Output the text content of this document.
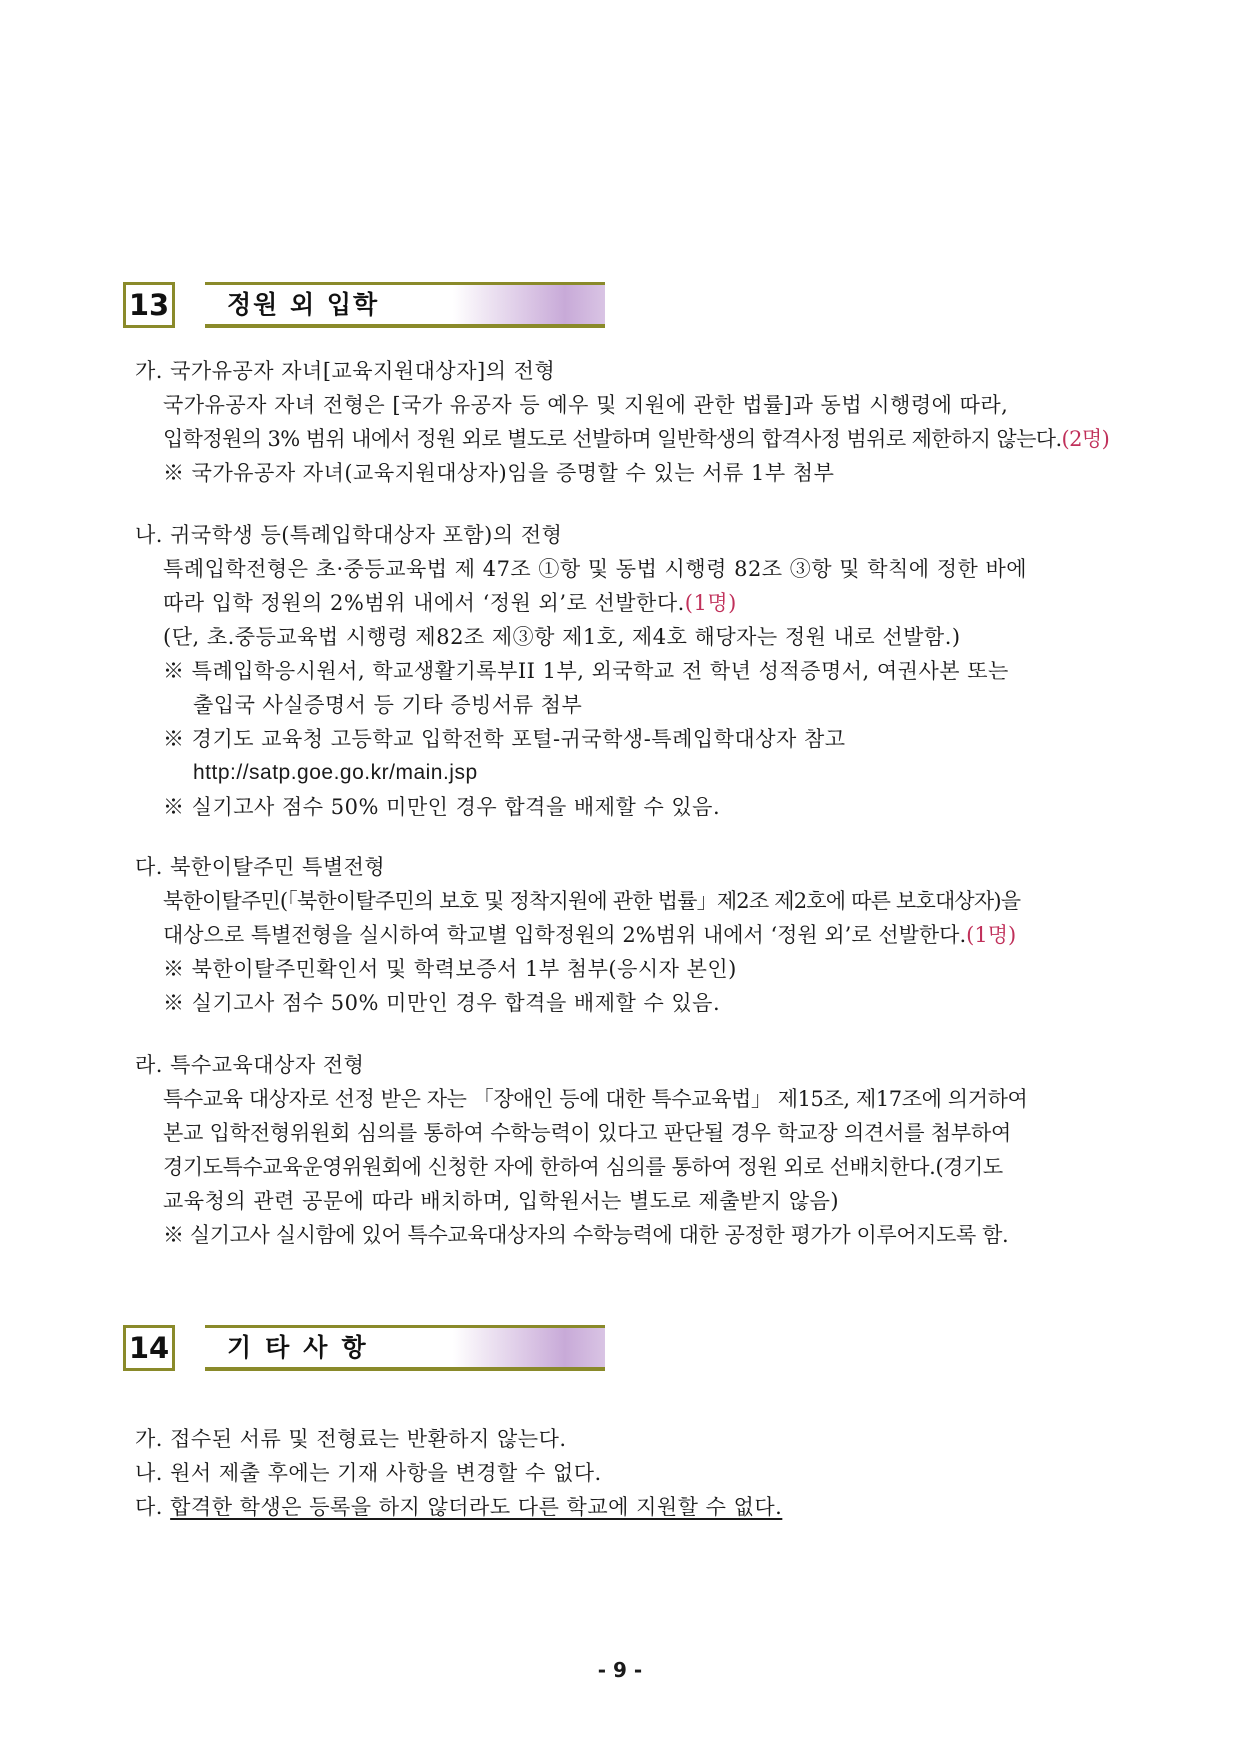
13 정원 외 입학
가. 국가유공자 자녀[교육지원대상자]의 전형
국가유공자 자녀 전형은 [국가 유공자 등 예우 및 지원에 관한 법률]과 동법 시행령에 따라,
입학정원의 3% 범위 내에서 정원 외로 별도로 선발하며 일반학생의 합격사정 범위로 제한하지 않는다.(2명)
※ 국가유공자 자녀(교육지원대상자)임을 증명할 수 있는 서류 1부 첨부
나. 귀국학생 등(특례입학대상자 포함)의 전형
특례입학전형은 초·중등교육법 제 47조 ①항 및 동법 시행령 82조 ③항 및 학칙에 정한 바에
따라 입학 정원의 2%범위 내에서 ‘정원 외’로 선발한다.(1명)
(단, 초.중등교육법 시행령 제82조 제③항 제1호, 제4호 해당자는 정원 내로 선발함.)
※ 특례입학응시원서, 학교생활기록부II 1부, 외국학교 전 학년 성적증명서, 여권사본 또는
출입국 사실증명서 등 기타 증빙서류 첨부
※ 경기도 교육청 고등학교 입학전학 포털-귀국학생-특례입학대상자 참고
http://satp.goe.go.kr/main.jsp
※ 실기고사 점수 50% 미만인 경우 합격을 배제할 수 있음.
다. 북한이탈주민 특별전형
북한이탈주민(「북한이탈주민의 보호 및 정착지원에 관한 법률」제2조 제2호에 따른 보호대상자)을
대상으로 특별전형을 실시하여 학교별 입학정원의 2%범위 내에서 ‘정원 외’로 선발한다.(1명)
※ 북한이탈주민확인서 및 학력보증서 1부 첨부(응시자 본인)
※ 실기고사 점수 50% 미만인 경우 합격을 배제할 수 있음.
라. 특수교육대상자 전형
특수교육 대상자로 선정 받은 자는 「장애인 등에 대한 특수교육법」 제15조, 제17조에 의거하여
본교 입학전형위원회 심의를 통하여 수학능력이 있다고 판단될 경우 학교장 의견서를 첨부하여
경기도특수교육운영위원회에 신청한 자에 한하여 심의를 통하여 정원 외로 선배치한다.(경기도
교육청의 관련 공문에 따라 배치하며, 입학원서는 별도로 제출받지 않음)
※ 실기고사 실시함에 있어 특수교육대상자의 수학능력에 대한 공정한 평가가 이루어지도록 함.
14 기타사항
가. 접수된 서류 및 전형료는 반환하지 않는다.
나. 원서 제출 후에는 기재 사항을 변경할 수 없다.
다. 합격한 학생은 등록을 하지 않더라도 다른 학교에 지원할 수 없다.
- 9 -
